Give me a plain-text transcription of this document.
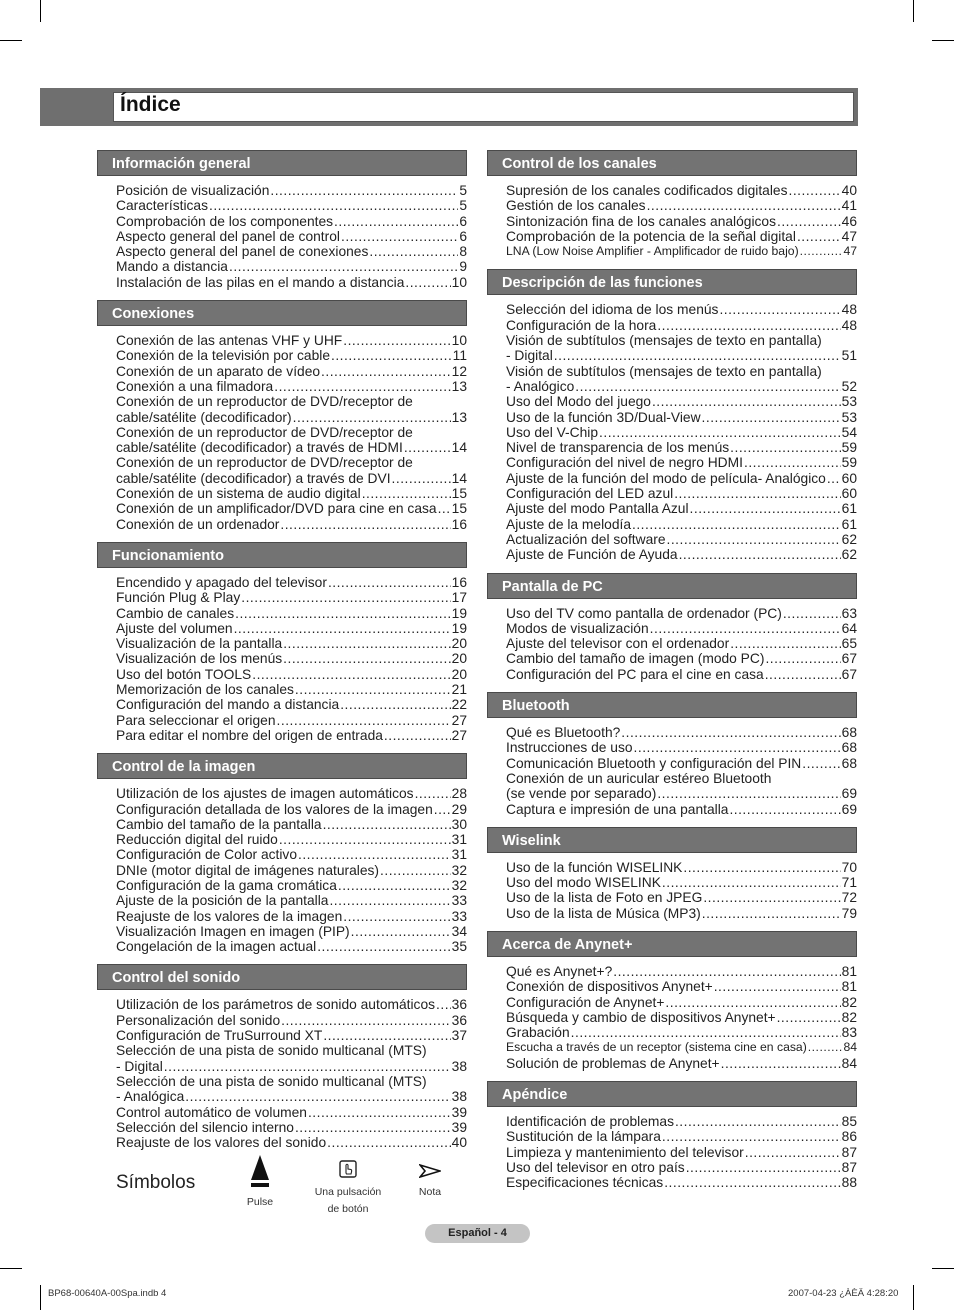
Índice
Información general
Posición de visualización .....	5
Características .....	5
Comprobación de los componentes .....	6
Aspecto general del panel de control .....	6
Aspecto general del panel de conexiones .....	8
Mando a distancia .....	9
Instalación de las pilas en el mando a distancia .....	10
Conexiones
Conexión de las antenas VHF y UHF .....	10
Conexión de la televisión por cable .....	11
Conexión de un aparato de vídeo .....	12
Conexión a una filmadora .....	13
Conexión de un reproductor de DVD/receptor de
cable/satélite (decodificador) .....	13
Conexión de un reproductor de DVD/receptor de
cable/satélite (decodificador) a través de HDMI .....	14
Conexión de un reproductor de DVD/receptor de
cable/satélite (decodificador) a través de DVI .....	14
Conexión de un sistema de audio digital .....	15
Conexión de un amplificador/DVD para cine en casa ..... 15
Conexión de un ordenador .....	16
Funcionamiento
Encendido y apagado del televisor .....	16
Función Plug & Play .....	17
Cambio de canales .....	19
Ajuste del volumen .....	19
Visualización de la pantalla .....	20
Visualización de los menús .....	20
Uso del botón TOOLS .....	20
Memorización de los canales .....	21
Configuración del mando a distancia .....	22
Para seleccionar el origen .....	27
Para editar el nombre del origen de entrada .....	27
Control de la imagen
Utilización de los ajustes de imagen automáticos .....	28
Configuración detallada de los valores de la imagen ..... 29
Cambio del tamaño de la pantalla .....	30
Reducción digital del ruido .....	31
Configuración de Color activo .....	31
DNIe (motor digital de imágenes naturales) .....	32
Configuración de la gama cromática .....	32
Ajuste de la posición de la pantalla .....	33
Reajuste de los valores de la imagen .....	33
Visualización Imagen en imagen (PIP) .....	34
Congelación de la imagen actual .....	35
Control del sonido
Utilización de los parámetros de sonido automáticos ..... 36
Personalización del sonido .....	36
Configuración de TruSurround XT .....	37
Selección de una pista de sonido multicanal (MTS)
- Digital .....	38
Selección de una pista de sonido multicanal (MTS)
- Analógica .....	38
Control automático de volumen .....	39
Selección del silencio interno .....	39
Reajuste de los valores del sonido .....	40
Control de los canales
Supresión de los canales codificados digitales .....	40
Gestión de los canales .....	41
Sintonización fina de los canales analógicos .....	46
Comprobación de la potencia de la señal digital .....	47
LNA (Low Noise Amplifier - Amplificador de ruido bajo) .....	47
Descripción de las funciones
Selección del idioma de los menús .....	48
Configuración de la hora .....	48
Visión de subtítulos (mensajes de texto en pantalla)
- Digital .....	51
Visión de subtítulos (mensajes de texto en pantalla)
- Analógico .....	52
Uso del Modo del juego .....	53
Uso de la función 3D/Dual-View .....	53
Uso del V-Chip .....	54
Nivel de transparencia de los menús .....	59
Configuración del nivel de negro HDMI .....	59
Ajuste de la función del modo de película- Analógico ..... 60
Configuración del LED azul .....	60
Ajuste del modo Pantalla Azul .....	61
Ajuste de la melodía .....	61
Actualización del software .....	62
Ajuste de Función de Ayuda .....	62
Pantalla de PC
Uso del TV como pantalla de ordenador (PC) .....	63
Modos de visualización .....	64
Ajuste del televisor con el ordenador .....	65
Cambio del tamaño de imagen (modo PC) .....	67
Configuración del PC para el cine en casa .....	67
Bluetooth
Qué es Bluetooth? .....	68
Instrucciones de uso .....	68
Comunicación Bluetooth y configuración del PIN .....	68
Conexión de un auricular estéreo Bluetooth
(se vende por separado) .....	69
Captura e impresión de una pantalla .....	69
Wiselink
Uso de la función WISELINK .....	70
Uso del modo WISELINK .....	71
Uso de la lista de Foto en JPEG .....	72
Uso de la lista de Música (MP3) .....	79
Acerca de Anynet+
Qué es Anynet+? .....	81
Conexión de dispositivos Anynet+ .....	81
Configuración de Anynet+ .....	82
Búsqueda y cambio de dispositivos Anynet+ .....	82
Grabación .....	83
Escucha a través de un receptor (sistema cine en casa) .....	84
Solución de problemas de Anynet+ .....	84
Apéndice
Identificación de problemas .....	85
Sustitución de la lámpara .....	86
Limpieza y mantenimiento del televisor .....	87
Uso del televisor en otro país .....	87
Especificaciones técnicas .....	88
Símbolos
Pulse
Una pulsación
de botón
Nota
Español - 4
BP68-00640A-00Spa.indb 4	2007-04-23 ¿ÀÈÄ 4:28:20
